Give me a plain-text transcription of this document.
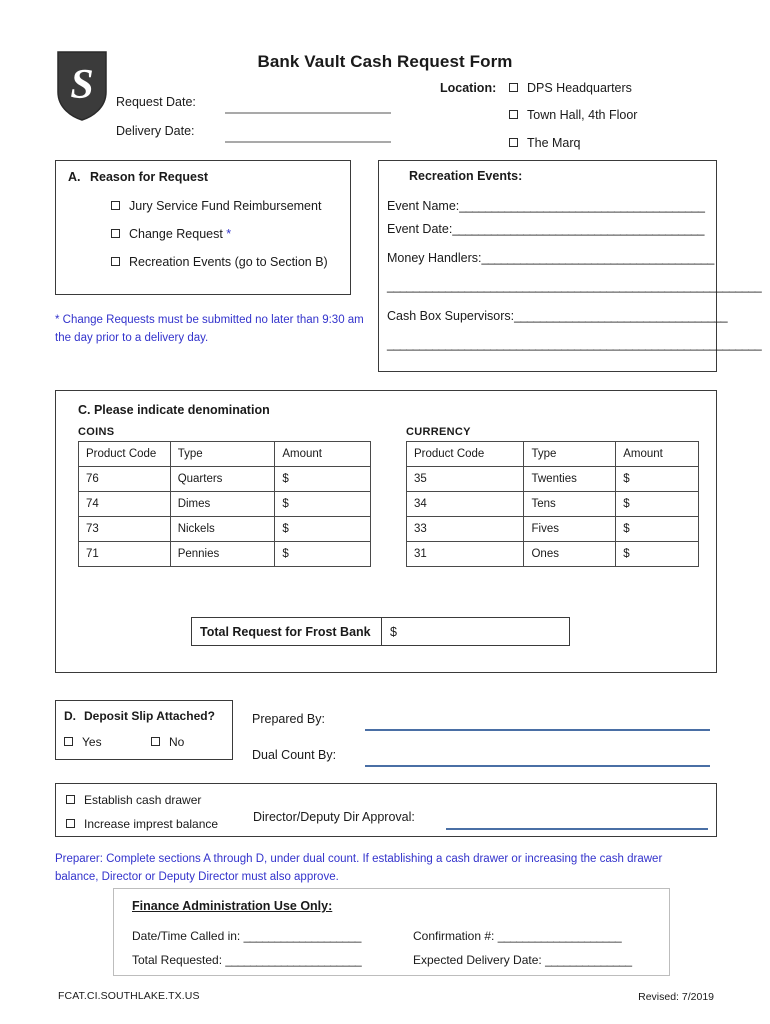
S
Bank Vault Cash Request Form
Request Date:
Delivery Date:
Location:	DPS Headquarters
Town Hall, 4th Floor
The Marq
A. Reason for Request
Jury Service Fund Reimbursement
Change Request *
Recreation Events (go to Section B)
* Change Requests must be submitted no later than 9:30 am the day prior to a delivery day.
Recreation Events:
Event Name:______________________________________
Event Date:_______________________________________
Money Handlers:____________________________________
__________________________________________________________
Cash Box Supervisors:_________________________________
__________________________________________________________
C. Please indicate denomination
COINS
Product Code	Type	Amount
76	Quarters	$
74	Dimes	$
73	Nickels	$
71	Pennies	$
CURRENCY
Product Code	Type	Amount
35	Twenties	$
34	Tens	$
33	Fives	$
31	Ones	$
Total Request for Frost Bank	$
D. Deposit Slip Attached?
Yes	No
Prepared By:
Dual Count By:
Establish cash drawer
Increase imprest balance	Director/Deputy Dir Approval:
Preparer: Complete sections A through D, under dual count. If establishing a cash drawer or increasing the cash drawer balance, Director or Deputy Director must also approve.
Finance Administration Use Only:
Date/Time Called in: ___________________	Confirmation #: ____________________
Total Requested: ______________________	Expected Delivery Date: ______________
FCAT.CI.SOUTHLAKE.TX.US	Revised: 7/2019
